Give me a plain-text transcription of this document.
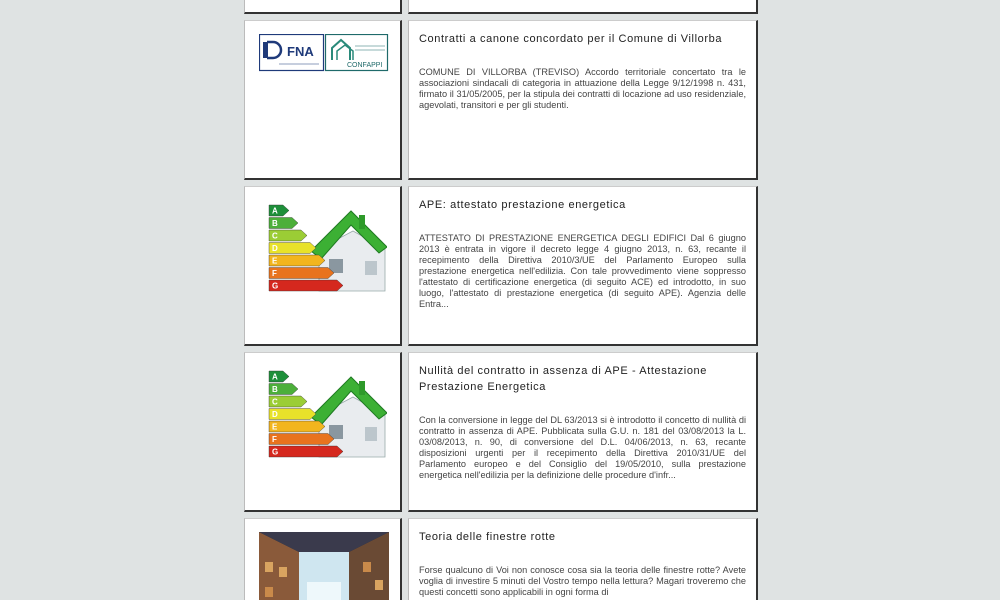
FNA
CONFAPPI
Contratti a canone concordato per il Comune di Villorba
COMUNE DI VILLORBA (TREVISO) Accordo territoriale concertato tra le associazioni sindacali di categoria in attuazione della Legge 9/12/1998 n. 431, firmato il 31/05/2005, per la stipula dei contratti di locazione ad uso residenziale, agevolati, transitori e per gli studenti.
A
B
C
D
E
F
G
APE: attestato prestazione energetica
ATTESTATO DI PRESTAZIONE ENERGETICA DEGLI EDIFICI Dal 6 giugno 2013 è entrata in vigore il decreto legge 4 giugno 2013, n. 63, recante il recepimento della Direttiva 2010/3/UE del Parlamento Europeo sulla prestazione energetica nell'edilizia. Con tale provvedimento viene soppresso l'attestato di certificazione energetica (di seguito ACE) ed introdotto, in suo luogo, l'attestato di prestazione energetica (di seguito APE). Agenzia delle Entra...
A
B
C
D
E
F
G
Nullità del contratto in assenza di APE - Attestazione Prestazione Energetica
Con la conversione in legge del DL 63/2013 si è introdotto il concetto di nullità di contratto in assenza di APE. Pubblicata sulla G.U. n. 181 del 03/08/2013 la L. 03/08/2013, n. 90, di conversione del D.L. 04/06/2013, n. 63, recante disposizioni urgenti per il recepimento della Direttiva 2010/31/UE del Parlamento europeo e del Consiglio del 19/05/2010, sulla prestazione energetica nell'edilizia per la definizione delle procedure d'infr...
Teoria delle finestre rotte
Forse qualcuno di Voi non conosce cosa sia la teoria delle finestre rotte? Avete voglia di investire 5 minuti del Vostro tempo nella lettura? Magari troveremo che questi concetti sono applicabili in ogni forma di
